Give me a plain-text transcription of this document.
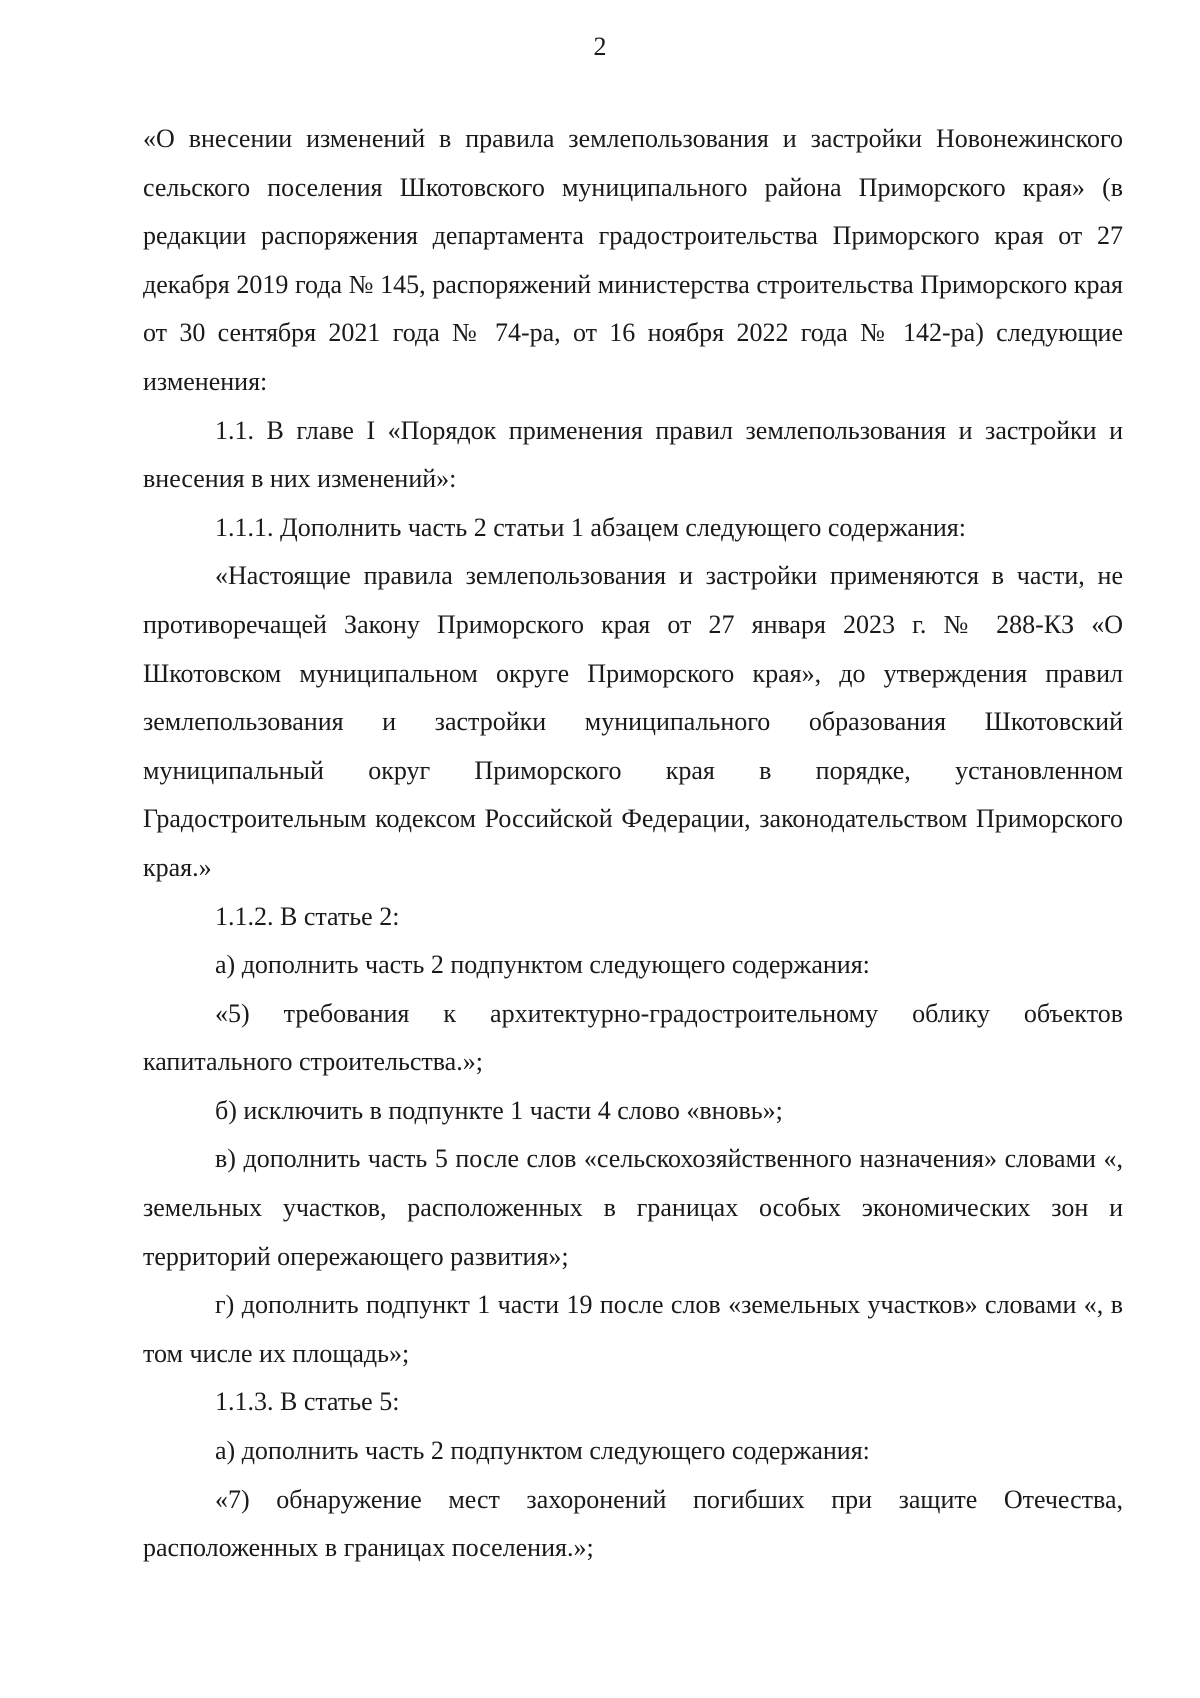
2

«О внесении изменений в правила землепользования и застройки Новонежинского сельского поселения Шкотовского муниципального района Приморского края» (в редакции распоряжения департамента градостроительства Приморского края от 27 декабря 2019 года № 145, распоряжений министерства строительства Приморского края от 30 сентября 2021 года № 74-ра, от 16 ноября 2022 года № 142-ра) следующие изменения:

1.1. В главе I «Порядок применения правил землепользования и застройки и внесения в них изменений»:

1.1.1. Дополнить часть 2 статьи 1 абзацем следующего содержания:

«Настоящие правила землепользования и застройки применяются в части, не противоречащей Закону Приморского края от 27 января 2023 г. № 288-КЗ «О Шкотовском муниципальном округе Приморского края», до утверждения правил землепользования и застройки муниципального образования Шкотовский муниципальный округ Приморского края в порядке, установленном Градостроительным кодексом Российской Федерации, законодательством Приморского края.»

1.1.2. В статье 2:

а) дополнить часть 2 подпунктом следующего содержания:

«5) требования к архитектурно-градостроительному облику объектов капитального строительства.»;

б) исключить в подпункте 1 части 4 слово «вновь»;

в) дополнить часть 5 после слов «сельскохозяйственного назначения» словами «, земельных участков, расположенных в границах особых экономических зон и территорий опережающего развития»;

г) дополнить подпункт 1 части 19 после слов «земельных участков» словами «, в том числе их площадь»;

1.1.3. В статье 5:

а) дополнить часть 2 подпунктом следующего содержания:

«7) обнаружение мест захоронений погибших при защите Отечества, расположенных в границах поселения.»;
